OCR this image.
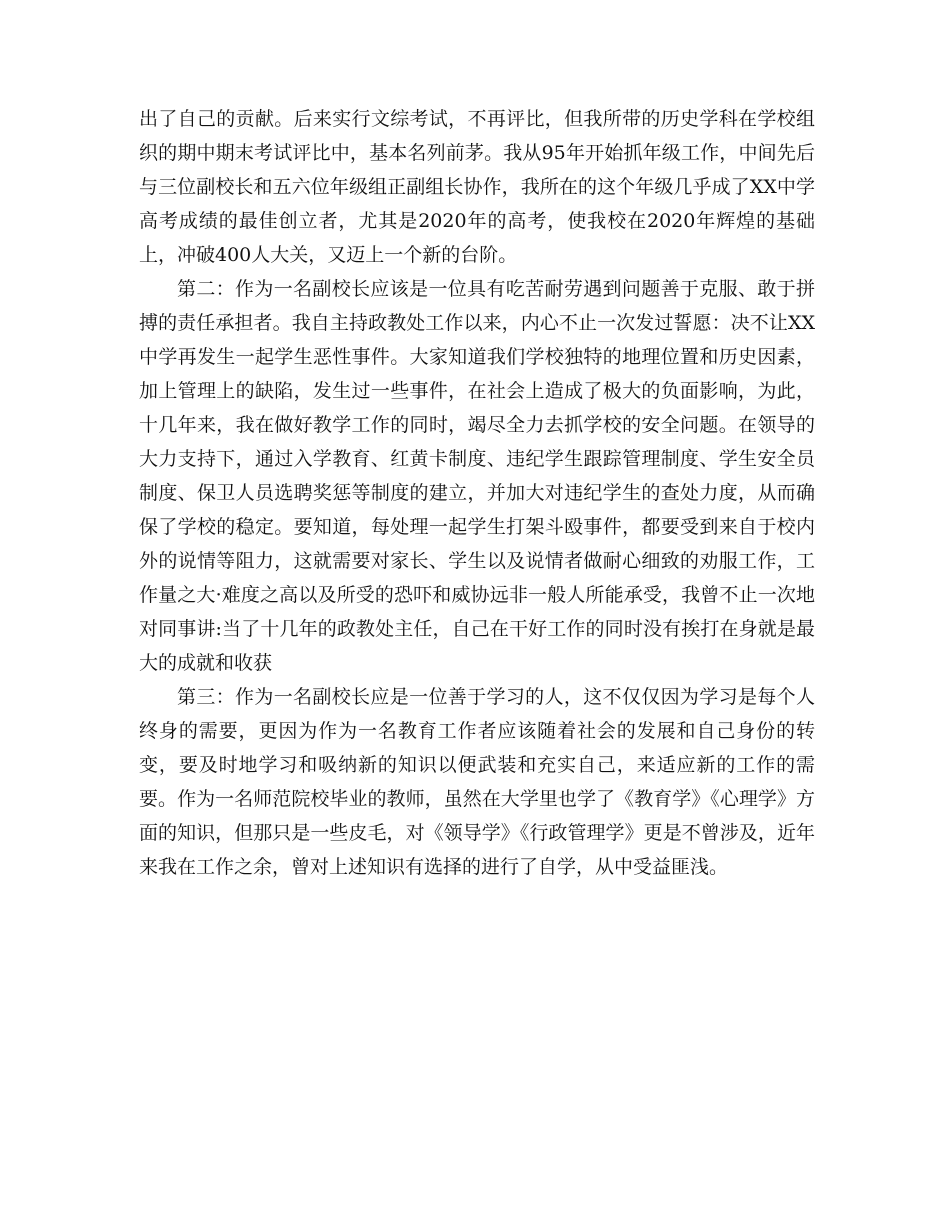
出了自己的贡献。后来实行文综考试，不再评比，但我所带的历史学科在学校组织的期中期末考试评比中，基本名列前茅。我从95年开始抓年级工作，中间先后与三位副校长和五六位年级组正副组长协作，我所在的这个年级几乎成了XX中学高考成绩的最佳创立者，尤其是2020年的高考，使我校在2020年辉煌的基础上，冲破400人大关，又迈上一个新的台阶。

第二：作为一名副校长应该是一位具有吃苦耐劳遇到问题善于克服、敢于拼搏的责任承担者。我自主持政教处工作以来，内心不止一次发过誓愿：决不让XX中学再发生一起学生恶性事件。大家知道我们学校独特的地理位置和历史因素，加上管理上的缺陷，发生过一些事件，在社会上造成了极大的负面影响，为此，十几年来，我在做好教学工作的同时，竭尽全力去抓学校的安全问题。在领导的大力支持下，通过入学教育、红黄卡制度、违纪学生跟踪管理制度、学生安全员制度、保卫人员选聘奖惩等制度的建立，并加大对违纪学生的查处力度，从而确保了学校的稳定。要知道，每处理一起学生打架斗殴事件，都要受到来自于校内外的说情等阻力，这就需要对家长、学生以及说情者做耐心细致的劝服工作，工作量之大·难度之高以及所受的恐吓和威协远非一般人所能承受，我曾不止一次地对同事讲:当了十几年的政教处主任，自己在干好工作的同时没有挨打在身就是最大的成就和收获

第三：作为一名副校长应是一位善于学习的人，这不仅仅因为学习是每个人终身的需要，更因为作为一名教育工作者应该随着社会的发展和自己身份的转变，要及时地学习和吸纳新的知识以便武装和充实自己，来适应新的工作的需要。作为一名师范院校毕业的教师，虽然在大学里也学了《教育学》《心理学》方面的知识，但那只是一些皮毛，对《领导学》《行政管理学》更是不曾涉及，近年来我在工作之余，曾对上述知识有选择的进行了自学，从中受益匪浅。
